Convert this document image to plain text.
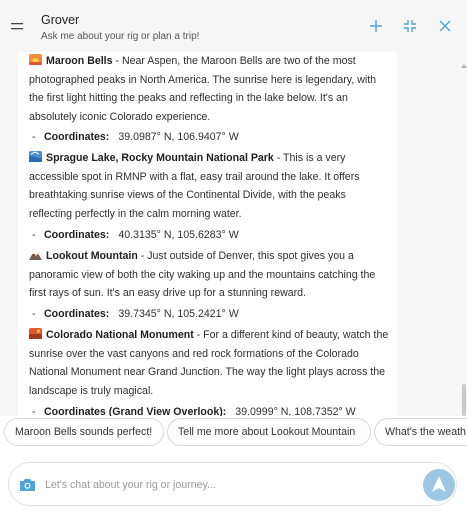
Grover
Ask me about your rig or plan a trip!
Maroon Bells - Near Aspen, the Maroon Bells are two of the most photographed peaks in North America. The sunrise here is legendary, with the first light hitting the peaks and reflecting in the lake below. It's an absolutely iconic Colorado experience.
- Coordinates: 39.0987° N, 106.9407° W
Sprague Lake, Rocky Mountain National Park - This is a very accessible spot in RMNP with a flat, easy trail around the lake. It offers breathtaking sunrise views of the Continental Divide, with the peaks reflecting perfectly in the calm morning water.
- Coordinates: 40.3135° N, 105.6283° W
Lookout Mountain - Just outside of Denver, this spot gives you a panoramic view of both the city waking up and the mountains catching the first rays of sun. It's an easy drive up for a stunning reward.
- Coordinates: 39.7345° N, 105.2421° W
Colorado National Monument - For a different kind of beauty, watch the sunrise over the vast canyons and red rock formations of the Colorado National Monument near Grand Junction. The way the light plays across the landscape is truly magical.
- Coordinates (Grand View Overlook): 39.0999° N, 108.7352° W
Maroon Bells sounds perfect!	Tell me more about Lookout Mountain	What's the weath
Let's chat about your rig or journey...
